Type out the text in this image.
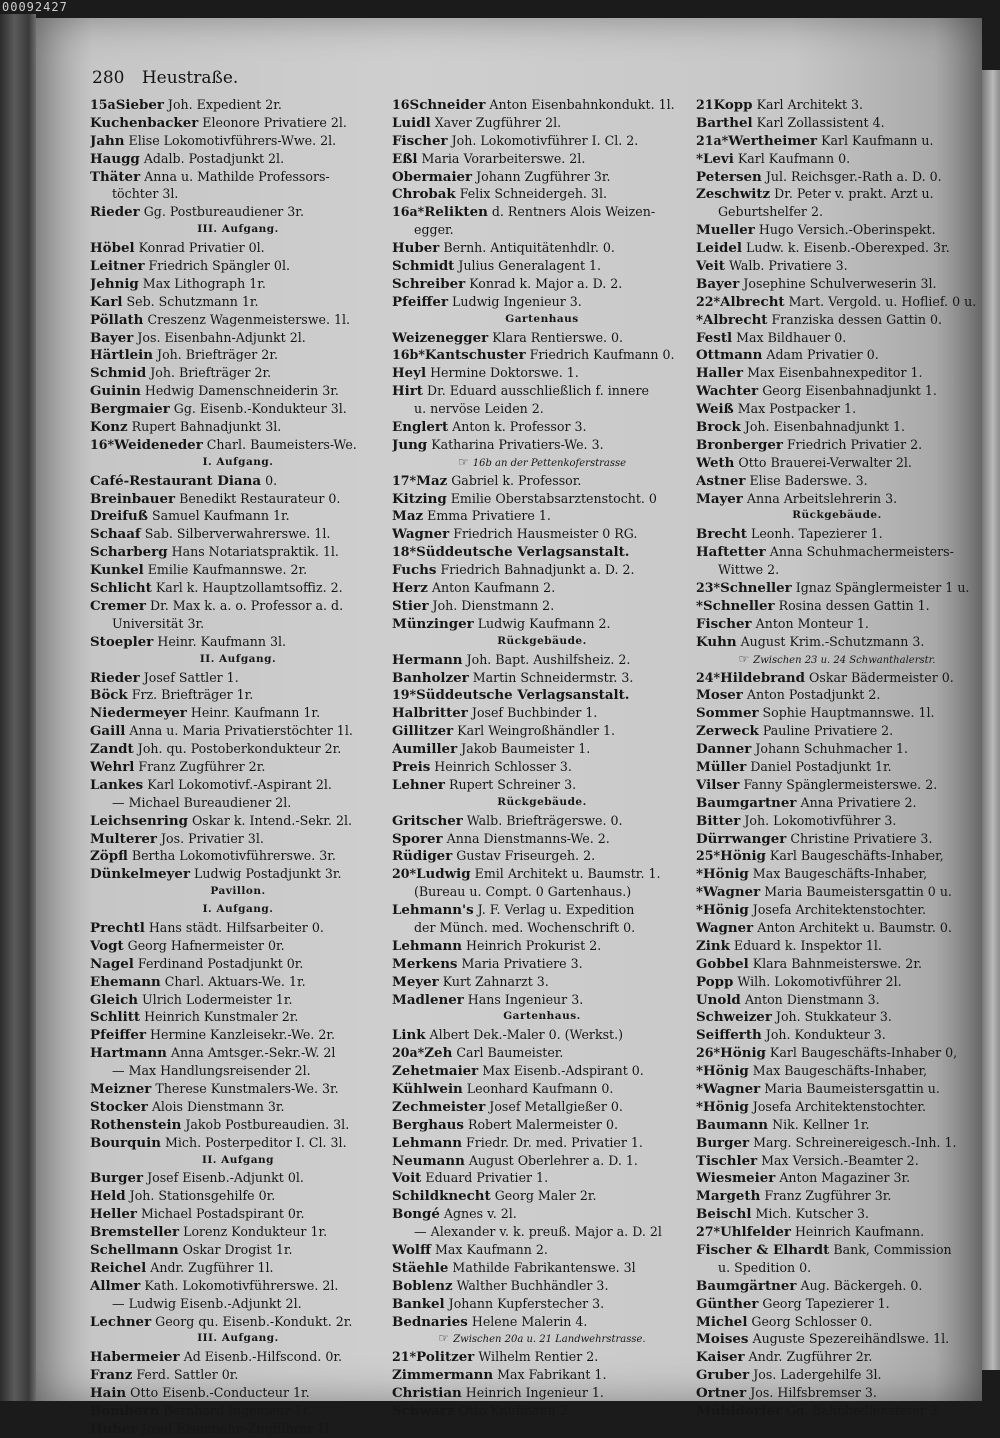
00092427
280 Heustraße.
15aSieber Joh. Expedient 2r.
Kuchenbacker Eleonore Privatiere 2l.
Jahn Elise Lokomotivführers-Wwe. 2l.
Haugg Adalb. Postadjunkt 2l.
Thäter Anna u. Mathilde Professors-
töchter 3l.
Rieder Gg. Postbureaudiener 3r.
III. Aufgang.
Höbel Konrad Privatier 0l.
Leitner Friedrich Spängler 0l.
Jehnig Max Lithograph 1r.
Karl Seb. Schutzmann 1r.
Pöllath Creszenz Wagenmeisterswe. 1l.
Bayer Jos. Eisenbahn-Adjunkt 2l.
Härtlein Joh. Briefträger 2r.
Schmid Joh. Briefträger 2r.
Guinin Hedwig Damenschneiderin 3r.
Bergmaier Gg. Eisenb.-Kondukteur 3l.
Konz Rupert Bahnadjunkt 3l.
16*Weideneder Charl. Baumeisters-We.
I. Aufgang.
Café-Restaurant Diana 0.
Breinbauer Benedikt Restaurateur 0.
Dreifuß Samuel Kaufmann 1r.
Schaaf Sab. Silberverwahrerswe. 1l.
Scharberg Hans Notariatspraktik. 1l.
Kunkel Emilie Kaufmannswe. 2r.
Schlicht Karl k. Hauptzollamtsoffiz. 2.
Cremer Dr. Max k. a. o. Professor a. d.
Universität 3r.
Stoepler Heinr. Kaufmann 3l.
II. Aufgang.
Rieder Josef Sattler 1.
Böck Frz. Briefträger 1r.
Niedermeyer Heinr. Kaufmann 1r.
Gaill Anna u. Maria Privatierstöchter 1l.
Zandt Joh. qu. Postoberkondukteur 2r.
Wehrl Franz Zugführer 2r.
Lankes Karl Lokomotivf.-Aspirant 2l.
— Michael Bureaudiener 2l.
Leichsenring Oskar k. Intend.-Sekr. 2l.
Multerer Jos. Privatier 3l.
Zöpfl Bertha Lokomotivführerswe. 3r.
Dünkelmeyer Ludwig Postadjunkt 3r.
Pavillon.
I. Aufgang.
Prechtl Hans städt. Hilfsarbeiter 0.
Vogt Georg Hafnermeister 0r.
Nagel Ferdinand Postadjunkt 0r.
Ehemann Charl. Aktuars-We. 1r.
Gleich Ulrich Lodermeister 1r.
Schlitt Heinrich Kunstmaler 2r.
Pfeiffer Hermine Kanzleisekr.-We. 2r.
Hartmann Anna Amtsger.-Sekr.-W. 2l
— Max Handlungsreisender 2l.
Meizner Therese Kunstmalers-We. 3r.
Stocker Alois Dienstmann 3r.
Rothenstein Jakob Postbureaudien. 3l.
Bourquin Mich. Posterpeditor I. Cl. 3l.
II. Aufgang
Burger Josef Eisenb.-Adjunkt 0l.
Held Joh. Stationsgehilfe 0r.
Heller Michael Postadspirant 0r.
Bremsteller Lorenz Kondukteur 1r.
Schellmann Oskar Drogist 1r.
Reichel Andr. Zugführer 1l.
Allmer Kath. Lokomotivführerswe. 2l.
— Ludwig Eisenb.-Adjunkt 2l.
Lechner Georg qu. Eisenb.-Kondukt. 2r.
III. Aufgang.
Habermeier Ad Eisenb.-Hilfscond. 0r.
Franz Ferd. Sattler 0r.
Hain Otto Eisenb.-Conducteur 1r.
Bomborn Bernhard Ingenieur 1r.
Huber Josef Eisenbahn-Zugführer 1l.
16Schneider Anton Eisenbahnkondukt. 1l.
Luidl Xaver Zugführer 2l.
Fischer Joh. Lokomotivführer I. Cl. 2.
Eßl Maria Vorarbeiterswe. 2l.
Obermaier Johann Zugführer 3r.
Chrobak Felix Schneidergeh. 3l.
16a*Relikten d. Rentners Alois Weizen-
egger.
Huber Bernh. Antiquitätenhdlr. 0.
Schmidt Julius Generalagent 1.
Schreiber Konrad k. Major a. D. 2.
Pfeiffer Ludwig Ingenieur 3.
Gartenhaus
Weizenegger Klara Rentierswe. 0.
16b*Kantschuster Friedrich Kaufmann 0.
Heyl Hermine Doktorswe. 1.
Hirt Dr. Eduard ausschließlich f. innere
u. nervöse Leiden 2.
Englert Anton k. Professor 3.
Jung Katharina Privatiers-We. 3.
☞ 16b an der Pettenkoferstrasse
17*Maz Gabriel k. Professor.
Kitzing Emilie Oberstabsarztenstocht. 0
Maz Emma Privatiere 1.
Wagner Friedrich Hausmeister 0 RG.
18*Süddeutsche Verlagsanstalt.
Fuchs Friedrich Bahnadjunkt a. D. 2.
Herz Anton Kaufmann 2.
Stier Joh. Dienstmann 2.
Münzinger Ludwig Kaufmann 2.
Rückgebäude.
Hermann Joh. Bapt. Aushilfsheiz. 2.
Banholzer Martin Schneidermstr. 3.
19*Süddeutsche Verlagsanstalt.
Halbritter Josef Buchbinder 1.
Gillitzer Karl Weingroßhändler 1.
Aumiller Jakob Baumeister 1.
Preis Heinrich Schlosser 3.
Lehner Rupert Schreiner 3.
Rückgebäude.
Gritscher Walb. Briefträgerswe. 0.
Sporer Anna Dienstmanns-We. 2.
Rüdiger Gustav Friseurgeh. 2.
20*Ludwig Emil Architekt u. Baumstr. 1.
(Bureau u. Compt. 0 Gartenhaus.)
Lehmann's J. F. Verlag u. Expedition
der Münch. med. Wochenschrift 0.
Lehmann Heinrich Prokurist 2.
Merkens Maria Privatiere 3.
Meyer Kurt Zahnarzt 3.
Madlener Hans Ingenieur 3.
Gartenhaus.
Link Albert Dek.-Maler 0. (Werkst.)
20a*Zeh Carl Baumeister.
Zehetmaier Max Eisenb.-Adspirant 0.
Kühlwein Leonhard Kaufmann 0.
Zechmeister Josef Metallgießer 0.
Berghaus Robert Malermeister 0.
Lehmann Friedr. Dr. med. Privatier 1.
Neumann August Oberlehrer a. D. 1.
Voit Eduard Privatier 1.
Schildknecht Georg Maler 2r.
Bongé Agnes v. 2l.
— Alexander v. k. preuß. Major a. D. 2l
Wolff Max Kaufmann 2.
Stäehle Mathilde Fabrikantenswe. 3l
Boblenz Walther Buchhändler 3.
Bankel Johann Kupferstecher 3.
Bednaries Helene Malerin 4.
☞ Zwischen 20a u. 21 Landwehrstrasse.
21*Politzer Wilhelm Rentier 2.
Zimmermann Max Fabrikant 1.
Christian Heinrich Ingenieur 1.
Schwarz Otto Kaufmann 2.
21Kopp Karl Architekt 3.
Barthel Karl Zollassistent 4.
21a*Wertheimer Karl Kaufmann u.
*Levi Karl Kaufmann 0.
Petersen Jul. Reichsger.-Rath a. D. 0.
Zeschwitz Dr. Peter v. prakt. Arzt u.
Geburtshelfer 2.
Mueller Hugo Versich.-Oberinspekt.
Leidel Ludw. k. Eisenb.-Oberexped. 3r.
Veit Walb. Privatiere 3.
Bayer Josephine Schulverweserin 3l.
22*Albrecht Mart. Vergold. u. Hoflief. 0 u.
*Albrecht Franziska dessen Gattin 0.
Festl Max Bildhauer 0.
Ottmann Adam Privatier 0.
Haller Max Eisenbahnexpeditor 1.
Wachter Georg Eisenbahnadjunkt 1.
Weiß Max Postpacker 1.
Brock Joh. Eisenbahnadjunkt 1.
Bronberger Friedrich Privatier 2.
Weth Otto Brauerei-Verwalter 2l.
Astner Elise Baderswe. 3.
Mayer Anna Arbeitslehrerin 3.
Rückgebäude.
Brecht Leonh. Tapezierer 1.
Haftetter Anna Schuhmachermeisters-
Wittwe 2.
23*Schneller Ignaz Spänglermeister 1 u.
*Schneller Rosina dessen Gattin 1.
Fischer Anton Monteur 1.
Kuhn August Krim.-Schutzmann 3.
☞ Zwischen 23 u. 24 Schwanthalerstr.
24*Hildebrand Oskar Bädermeister 0.
Moser Anton Postadjunkt 2.
Sommer Sophie Hauptmannswe. 1l.
Zerweck Pauline Privatiere 2.
Danner Johann Schuhmacher 1.
Müller Daniel Postadjunkt 1r.
Vilser Fanny Spänglermeisterswe. 2.
Baumgartner Anna Privatiere 2.
Bitter Joh. Lokomotivführer 3.
Dürrwanger Christine Privatiere 3.
25*Hönig Karl Baugeschäfts-Inhaber,
*Hönig Max Baugeschäfts-Inhaber,
*Wagner Maria Baumeistersgattin 0 u.
*Hönig Josefa Architektenstochter.
Wagner Anton Architekt u. Baumstr. 0.
Zink Eduard k. Inspektor 1l.
Gobbel Klara Bahnmeisterswe. 2r.
Popp Wilh. Lokomotivführer 2l.
Unold Anton Dienstmann 3.
Schweizer Joh. Stukkateur 3.
Seifferth Joh. Kondukteur 3.
26*Hönig Karl Baugeschäfts-Inhaber 0,
*Hönig Max Baugeschäfts-Inhaber,
*Wagner Maria Baumeistersgattin u.
*Hönig Josefa Architektenstochter.
Baumann Nik. Kellner 1r.
Burger Marg. Schreinereigesch.-Inh. 1.
Tischler Max Versich.-Beamter 2.
Wiesmeier Anton Magaziner 3r.
Margeth Franz Zugführer 3r.
Beischl Mich. Kutscher 3.
27*Uhlfelder Heinrich Kaufmann.
Fischer & Elhardt Bank, Commission
u. Spedition 0.
Baumgärtner Aug. Bäckergeh. 0.
Günther Georg Tapezierer 1.
Michel Georg Schlosser 0.
Moises Auguste Spezereihändlswe. 1l.
Kaiser Andr. Zugführer 2r.
Gruber Jos. Ladergehilfe 3l.
Ortner Jos. Hilfsbremser 3.
Mühldorfer Gg. Bahnbediensteter 3.
